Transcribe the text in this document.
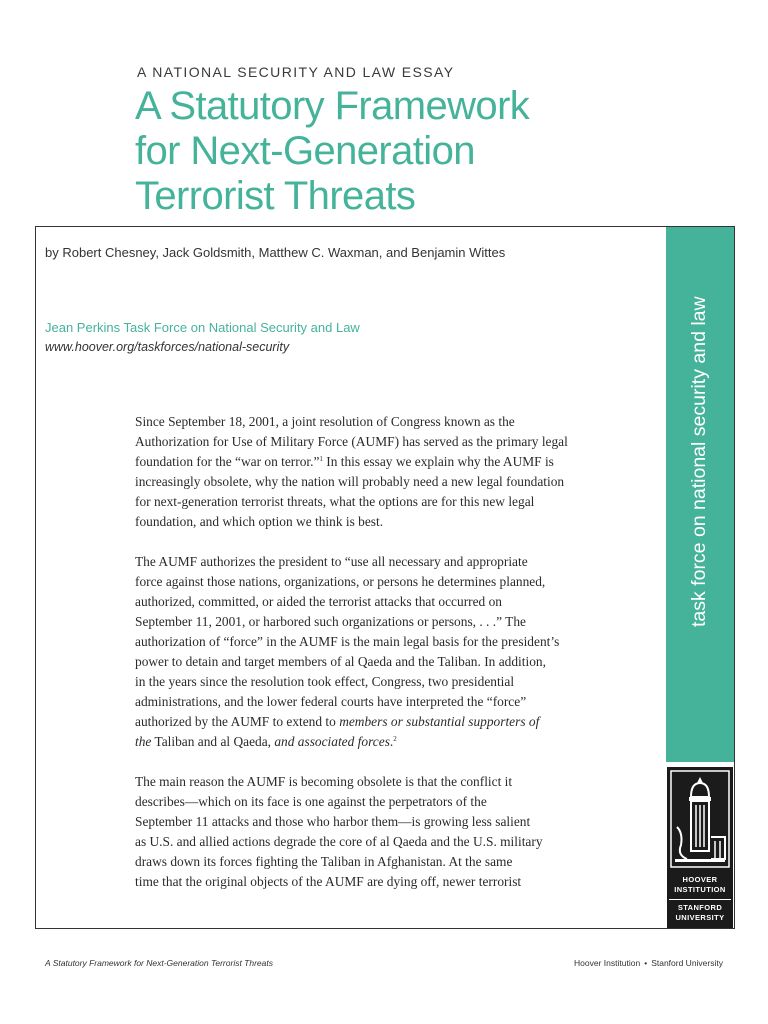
A NATIONAL SECURITY AND LAW ESSAY
A Statutory Framework
for Next-Generation
Terrorist Threats
by Robert Chesney, Jack Goldsmith, Matthew C. Waxman, and Benjamin Wittes
Jean Perkins Task Force on National Security and Law
www.hoover.org/taskforces/national-security

Since September 18, 2001, a joint resolution of Congress known as the
Authorization for Use of Military Force (AUMF) has served as the primary legal
foundation for the “war on terror.”$^1$ In this essay we explain why the AUMF is
increasingly obsolete, why the nation will probably need a new legal foundation
for next-generation terrorist threats, what the options are for this new legal
foundation, and which option we think is best.

The AUMF authorizes the president to “use all necessary and appropriate
force against those nations, organizations, or persons he determines planned,
authorized, committed, or aided the terrorist attacks that occurred on
September 11, 2001, or harbored such organizations or persons, . . .” The
authorization of “force” in the AUMF is the main legal basis for the president’s
power to detain and target members of al Qaeda and the Taliban. In addition,
in the years since the resolution took effect, Congress, two presidential
administrations, and the lower federal courts have interpreted the “force”
authorized by the AUMF to extend to members or substantial supporters of
the Taliban and al Qaeda, and associated forces.$^2$

The main reason the AUMF is becoming obsolete is that the conflict it
describes—which on its face is one against the perpetrators of the
September 11 attacks and those who harbor them—is growing less salient
as U.S. and allied actions degrade the core of al Qaeda and the U.S. military
draws down its forces fighting the Taliban in Afghanistan. At the same
time that the original objects of the AUMF are dying off, newer terrorist

task force on national security and law
HOOVER
INSTITUTION
STANFORD
UNIVERSITY
A Statutory Framework for Next-Generation Terrorist Threats	Hoover Institution • Stanford University
